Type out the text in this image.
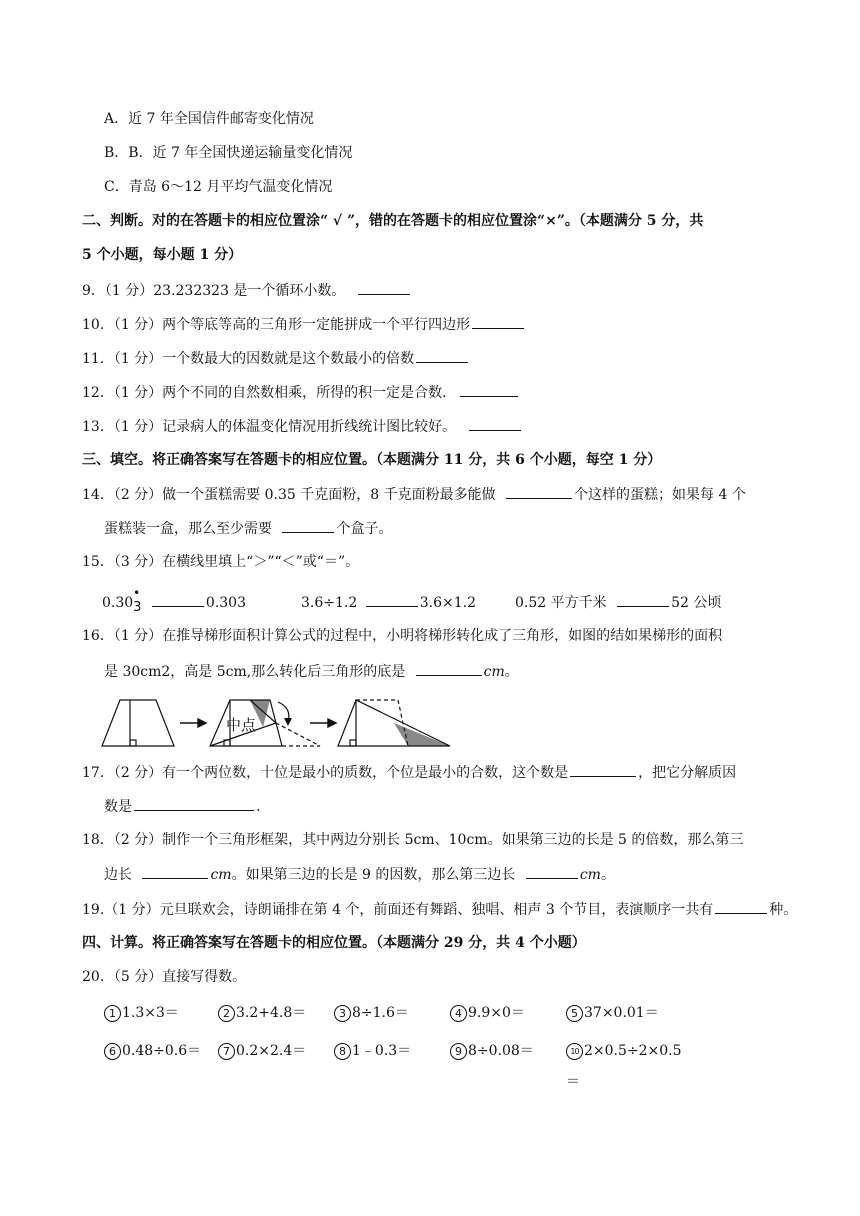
A．近 7 年全国信件邮寄变化情况
B．B．近 7 年全国快递运输量变化情况
C．青岛 6～12 月平均气温变化情况
二、判断。对的在答题卡的相应位置涂“ √ ”，错的在答题卡的相应位置涂“×”。（本题满分 5 分，共
5 个小题，每小题 1 分）
9．（1 分）23.232323 是一个循环小数。
10．（1 分）两个等底等高的三角形一定能拼成一个平行四边形
11．（1 分）一个数最大的因数就是这个数最小的倍数
12．（1 分）两个不同的自然数相乘，所得的积一定是合数．
13．（1 分）记录病人的体温变化情况用折线统计图比较好。
三、填空。将正确答案写在答题卡的相应位置。（本题满分 11 分，共 6 个小题，每空 1 分）
14．（2 分）做一个蛋糕需要 0.35 千克面粉，8 千克面粉最多能做	个这样的蛋糕；如果每 4 个
蛋糕装一盒，那么至少需要	个盒子。
15．（3 分）在横线里填上“＞”“＜”或“＝”。
0.30
•
3	0.303	3.6÷1.2	3.6×1.2	0.52 平方千米	52 公顷
16．（1 分）在推导梯形面积计算公式的过程中，小明将梯形转化成了三角形，如图的结如果梯形的面积
是 30cm2，高是 5cm,那么转化后三角形的底是	cm。
中点
17．（2 分）有一个两位数，十位是最小的质数，个位是最小的合数，这个数是	，把它分解质因
数是	.
18．（2 分）制作一个三角形框架，其中两边分别长 5cm、10cm。如果第三边的长是 5 的倍数，那么第三
边长	cm。如果第三边的长是 9 的因数，那么第三边长	cm。
19.（1 分）元旦联欢会，诗朗诵排在第 4 个，前面还有舞蹈、独唱、相声 3 个节目，表演顺序一共有	种。
四、计算。将正确答案写在答题卡的相应位置。（本题满分 29 分，共 4 个小题）
20．（5 分）直接写得数。
1 1.3×3＝	2 3.2+4.8＝	3 8÷1.6＝	4 9.9×0＝	5 37×0.01＝
6 0.48÷0.6＝	7 0.2×2.4＝	8 1﹣0.3＝	9 8÷0.08＝	10 2×0.5÷2×0.5
＝
